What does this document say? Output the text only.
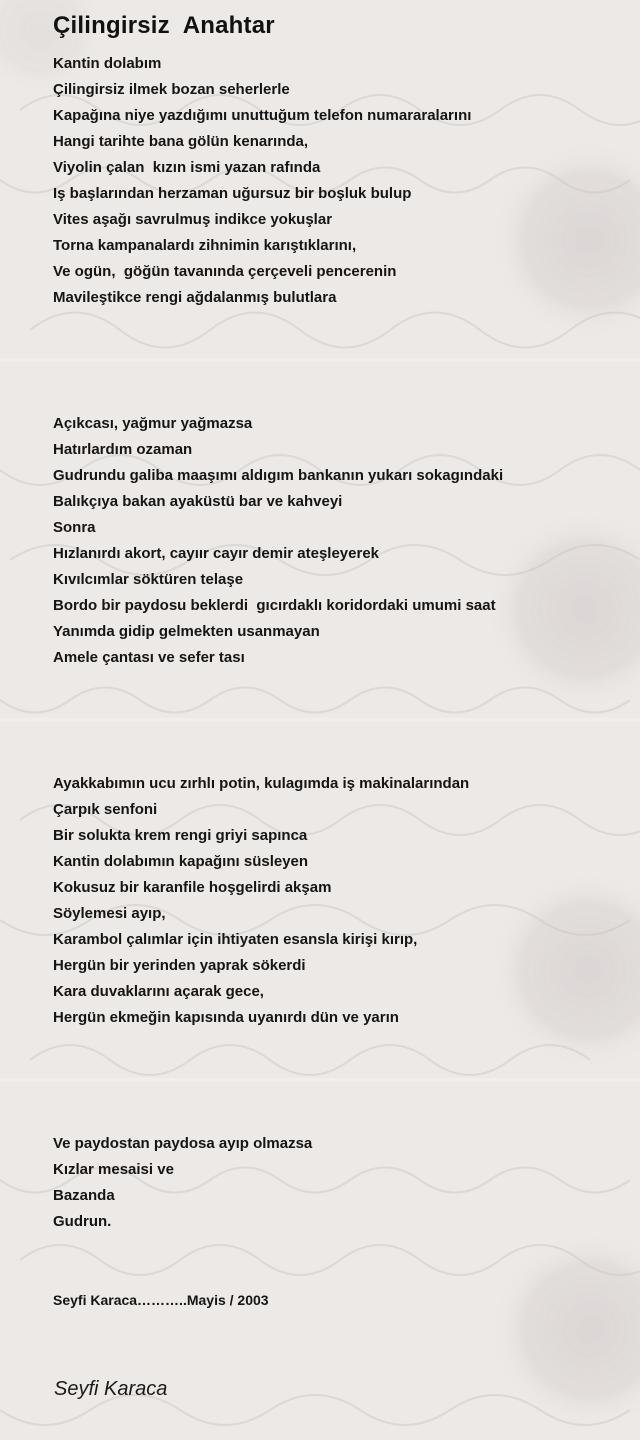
Çilingirsiz  Anahtar
Kantin dolabım
Çilingirsiz ilmek bozan seherlerle
Kapağına niye yazdığımı unuttuğum telefon numararalarını
Hangi tarihte bana gölün kenarında,
Viyolin çalan  kızın ismi yazan rafında
Iş başlarından herzaman uğursuz bir boşluk bulup
Vites aşağı savrulmuş indikce yokuşlar
Torna kampanalardı zihnimin karıştıklarını,
Ve ogün,  göğün tavanında çerçeveli pencerenin
Mavileştikce rengi ağdalanmış bulutlara
Açıkcası, yağmur yağmazsa
Hatırlardım ozaman
Gudrundu galiba maaşımı aldıgım bankanın yukarı sokagındaki
Balıkçıya bakan ayaküstü bar ve kahveyi
Sonra
Hızlanırdı akort, cayıır cayır demir ateşleyerek
Kıvılcımlar söktüren telaşe
Bordo bir paydosu beklerdi  gıcırdaklı koridordaki umumi saat
Yanımda gidip gelmekten usanmayan
Amele çantası ve sefer tası
Ayakkabımın ucu zırhlı potin, kulagımda iş makinalarından
Çarpık senfoni
Bir solukta krem rengi griyi sapınca
Kantin dolabımın kapağını süsleyen
Kokusuz bir karanfile hoşgelirdi akşam
Söylemesi ayıp,
Karambol çalımlar için ihtiyaten esansla kirişi kırıp,
Hergün bir yerinden yaprak sökerdi
Kara duvaklarını açarak gece,
Hergün ekmeğin kapısında uyanırdı dün ve yarın
Ve paydostan paydosa ayıp olmazsa
Kızlar mesaisi ve
Bazanda
Gudrun.
Seyfi Karaca………..Mayis / 2003
Seyfi Karaca
